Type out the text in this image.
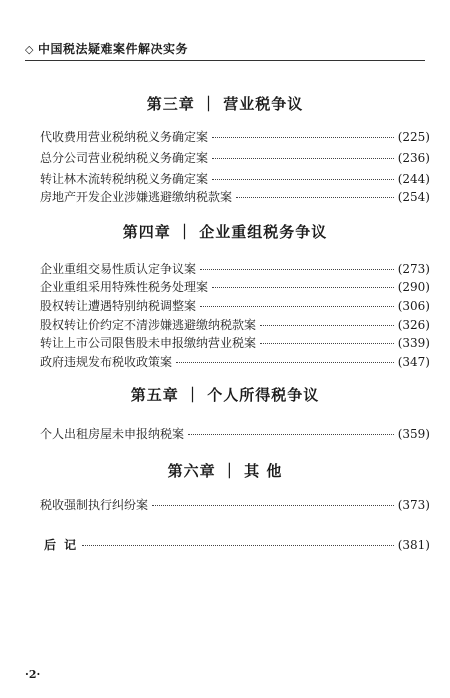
◇ 中国税法疑难案件解决实务
第三章 ｜ 营业税争议
代收费用营业税纳税义务确定案	(225)
总分公司营业税纳税义务确定案	(236)
转让林木流转税纳税义务确定案	(244)
房地产开发企业涉嫌逃避缴纳税款案	(254)
第四章 ｜ 企业重组税务争议
企业重组交易性质认定争议案	(273)
企业重组采用特殊性税务处理案	(290)
股权转让遭遇特别纳税调整案	(306)
股权转让价约定不清涉嫌逃避缴纳税款案	(326)
转让上市公司限售股未申报缴纳营业税案	(339)
政府违规发布税收政策案	(347)
第五章 ｜ 个人所得税争议
个人出租房屋未申报纳税案	(359)
第六章 ｜ 其 他
税收强制执行纠纷案	(373)
后 记	(381)
·2·
